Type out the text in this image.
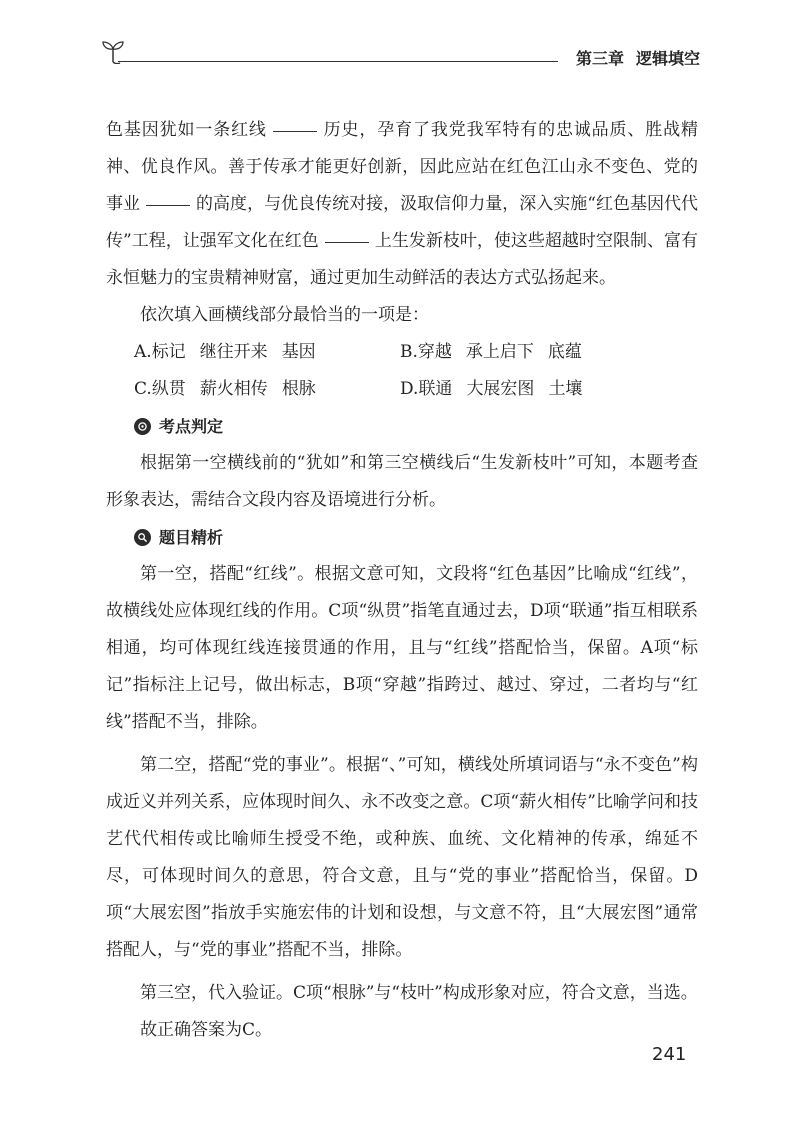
第三章 逻辑填空

色基因犹如一条红线	历史，孕育了我党我军特有的忠诚品质、胜战精神、优良作风。善于传承才能更好创新，因此应站在红色江山永不变色、党的事业	的高度，与优良传统对接，汲取信仰力量，深入实施“红色基因代代传”工程，让强军文化在红色	上生发新枝叶，使这些超越时空限制、富有永恒魅力的宝贵精神财富，通过更加生动鲜活的表达方式弘扬起来。

依次填入画横线部分最恰当的一项是：

A.标记 继往开来 基因	B.穿越 承上启下 底蕴
C.纵贯 薪火相传 根脉	D.联通 大展宏图 土壤
考点判定

根据第一空横线前的“犹如”和第三空横线后“生发新枝叶”可知，本题考查形象表达，需结合文段内容及语境进行分析。

题目精析

第一空，搭配“红线”。根据文意可知，文段将“红色基因”比喻成“红线”，故横线处应体现红线的作用。C项“纵贯”指笔直通过去，D项“联通”指互相联系相通，均可体现红线连接贯通的作用，且与“红线”搭配恰当，保留。A项“标记”指标注上记号，做出标志，B项“穿越”指跨过、越过、穿过，二者均与“红线”搭配不当，排除。

第二空，搭配“党的事业”。根据“、”可知，横线处所填词语与“永不变色”构成近义并列关系，应体现时间久、永不改变之意。C项“薪火相传”比喻学问和技艺代代相传或比喻师生授受不绝，或种族、血统、文化精神的传承，绵延不尽，可体现时间久的意思，符合文意，且与“党的事业”搭配恰当，保留。D项“大展宏图”指放手实施宏伟的计划和设想，与文意不符，且“大展宏图”通常搭配人，与“党的事业”搭配不当，排除。

第三空，代入验证。C项“根脉”与“枝叶”构成形象对应，符合文意，当选。

故正确答案为C。

241
